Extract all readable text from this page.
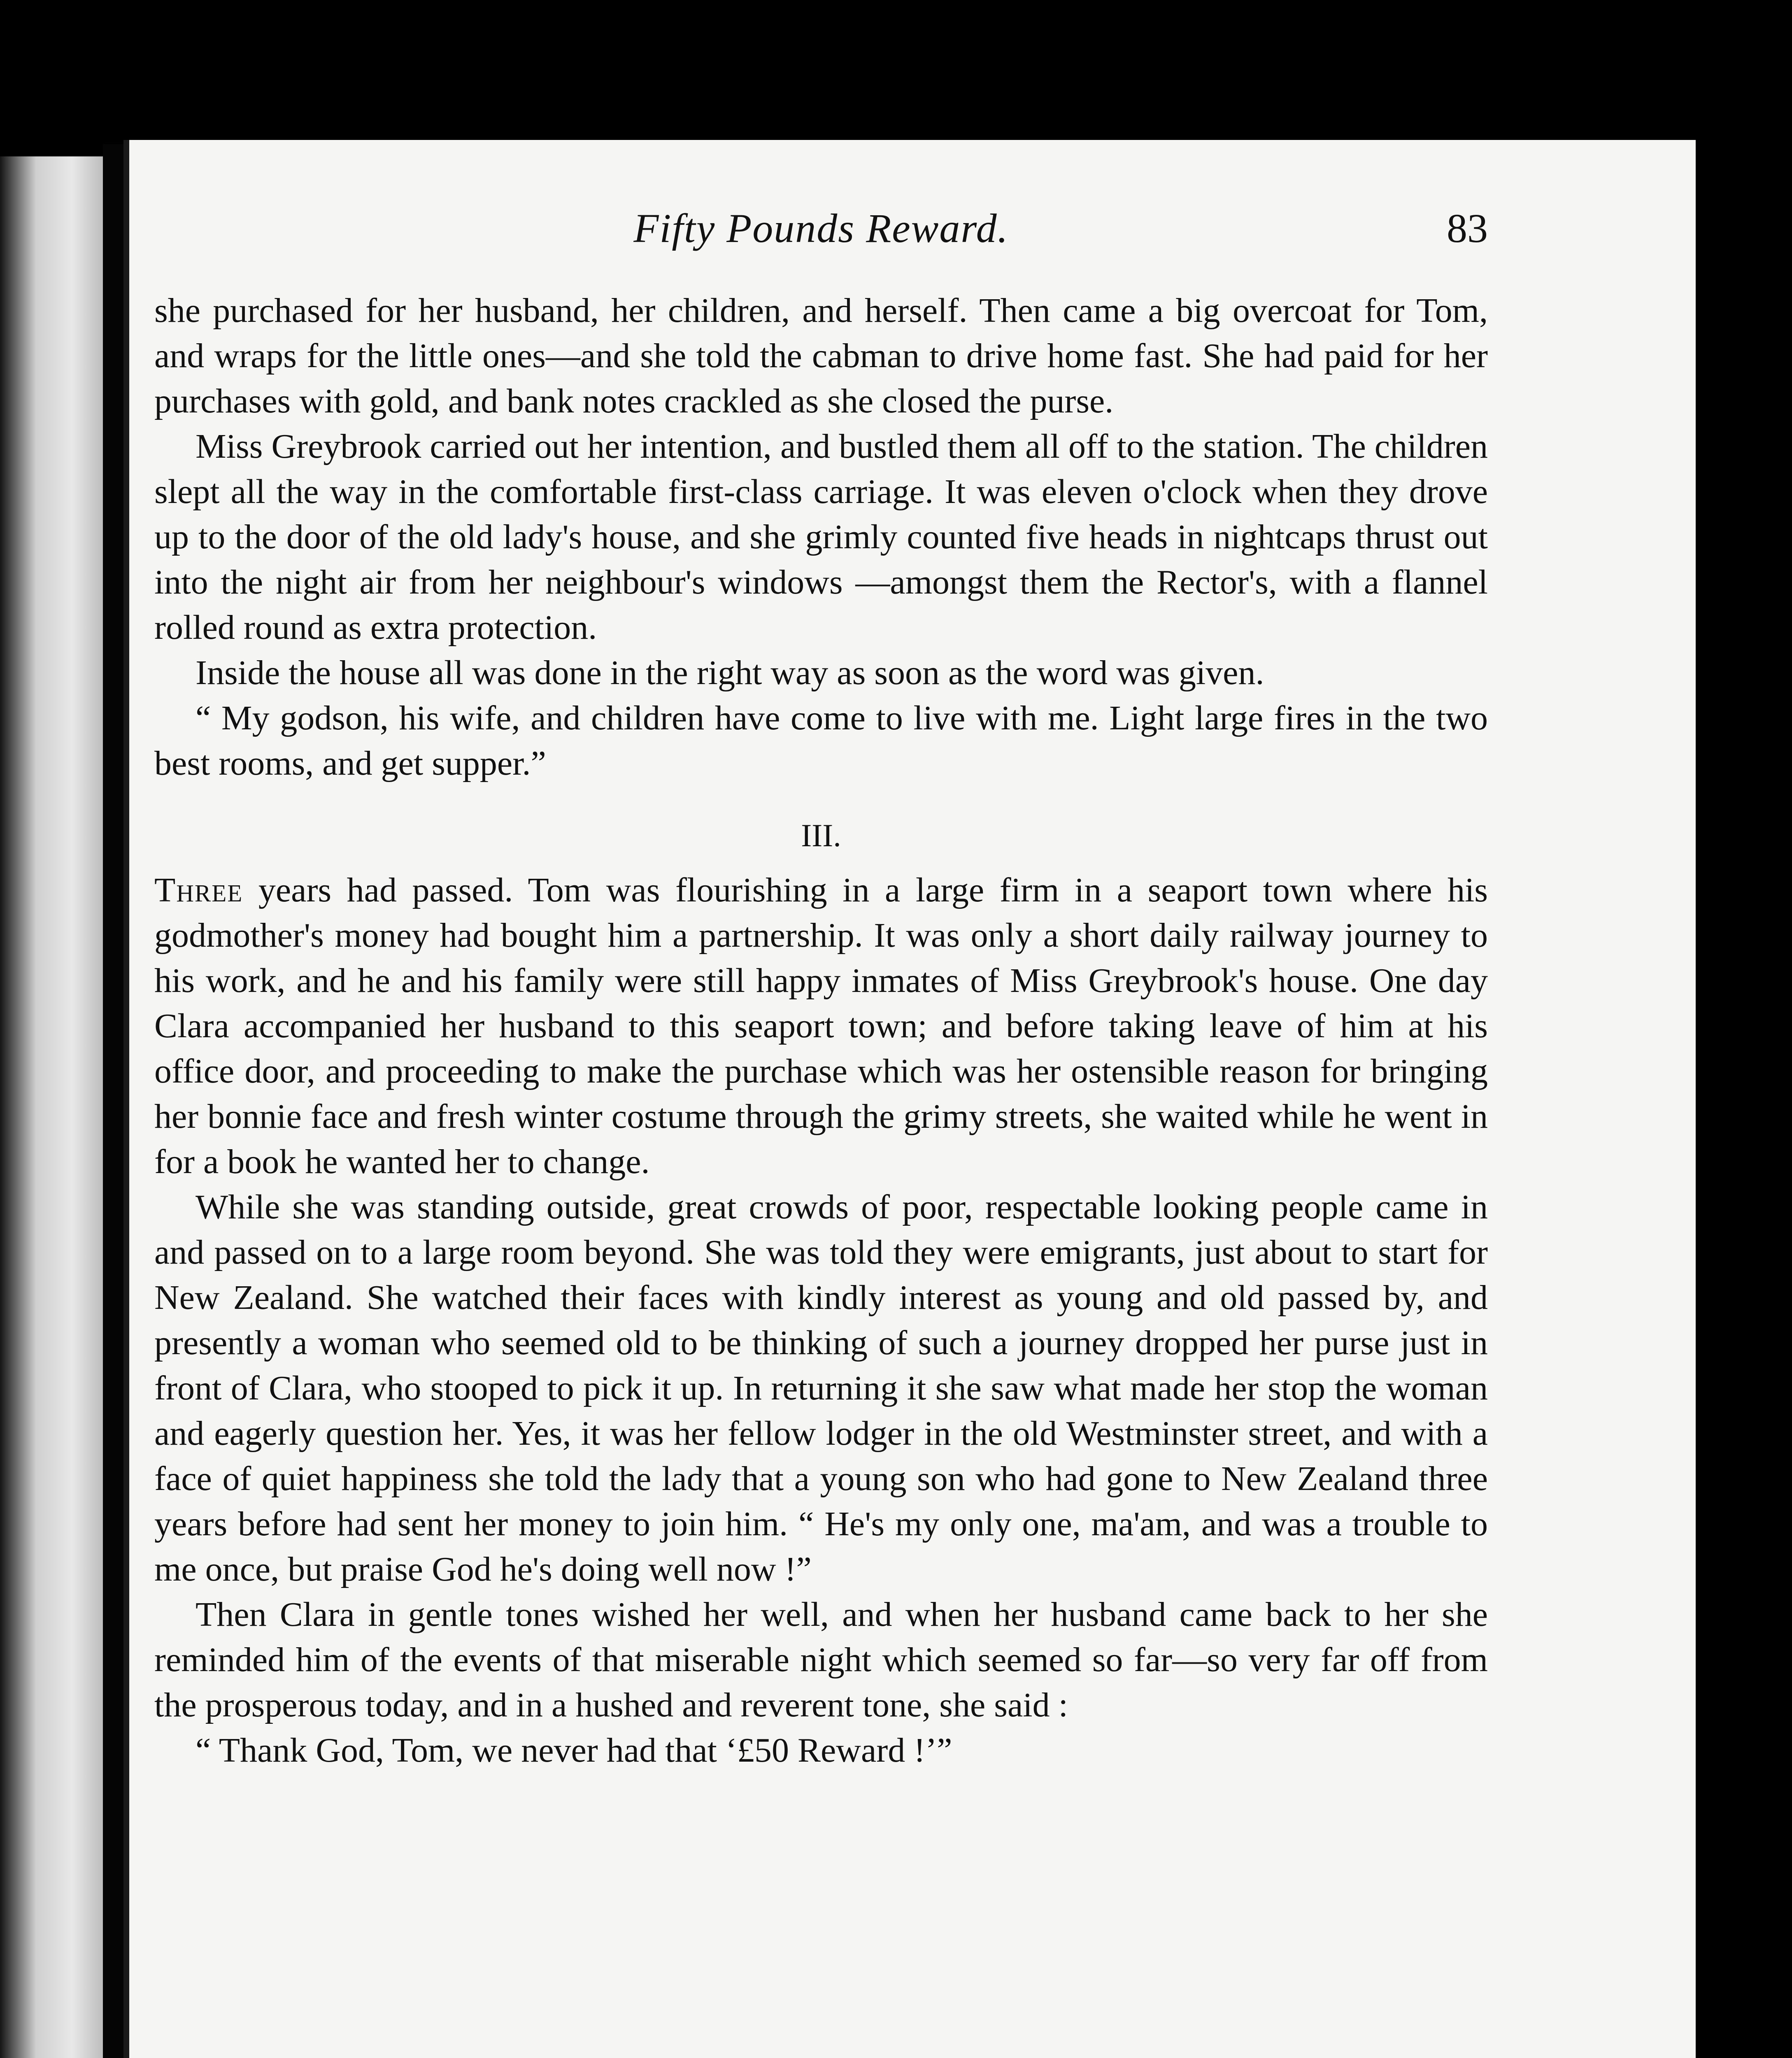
Fifty Pounds Reward.	83

she purchased for her husband, her children, and herself. Then came a big overcoat for Tom, and wraps for the little ones—and she told the cabman to drive home fast. She had paid for her purchases with gold, and bank notes crackled as she closed the purse.

Miss Greybrook carried out her intention, and bustled them all off to the station. The children slept all the way in the comfortable first-class carriage. It was eleven o'clock when they drove up to the door of the old lady's house, and she grimly counted five heads in nightcaps thrust out into the night air from her neighbour's windows —amongst them the Rector's, with a flannel rolled round as extra protection.

Inside the house all was done in the right way as soon as the word was given.

“ My godson, his wife, and children have come to live with me. Light large fires in the two best rooms, and get supper.”

III.

Three years had passed. Tom was flourishing in a large firm in a seaport town where his godmother's money had bought him a partnership. It was only a short daily railway journey to his work, and he and his family were still happy inmates of Miss Greybrook's house. One day Clara accompanied her husband to this seaport town; and before taking leave of him at his office door, and proceeding to make the purchase which was her ostensible reason for bringing her bonnie face and fresh winter costume through the grimy streets, she waited while he went in for a book he wanted her to change.

While she was standing outside, great crowds of poor, respectable looking people came in and passed on to a large room beyond. She was told they were emigrants, just about to start for New Zealand. She watched their faces with kindly interest as young and old passed by, and presently a woman who seemed old to be thinking of such a journey dropped her purse just in front of Clara, who stooped to pick it up. In returning it she saw what made her stop the woman and eagerly question her. Yes, it was her fellow lodger in the old Westminster street, and with a face of quiet happiness she told the lady that a young son who had gone to New Zealand three years before had sent her money to join him. “ He's my only one, ma'am, and was a trouble to me once, but praise God he's doing well now !”

Then Clara in gentle tones wished her well, and when her husband came back to her she reminded him of the events of that miserable night which seemed so far—so very far off from the prosperous today, and in a hushed and reverent tone, she said :

“ Thank God, Tom, we never had that ‘£50 Reward !’”
